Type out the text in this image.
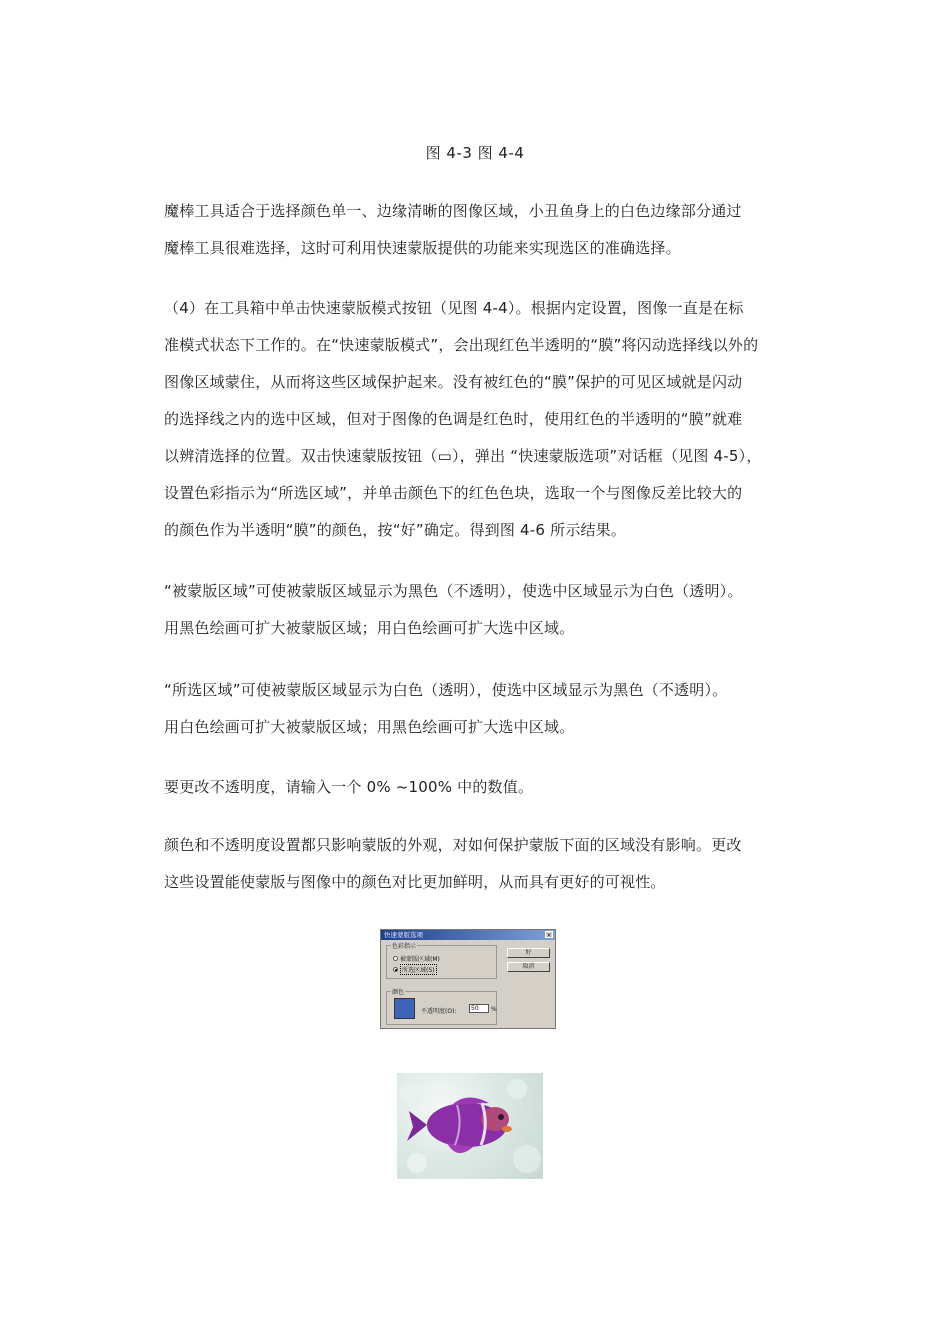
图 4-3 图 4-4

魔棒工具适合于选择颜色单一、边缘清晰的图像区域，小丑鱼身上的白色边缘部分通过

魔棒工具很难选择，这时可利用快速蒙版提供的功能来实现选区的准确选择。

（4）在工具箱中单击快速蒙版模式按钮（见图 4-4）。根据内定设置，图像一直是在标

准模式状态下工作的。在“快速蒙版模式”，会出现红色半透明的“膜”将闪动选择线以外的

图像区域蒙住，从而将这些区域保护起来。没有被红色的“膜”保护的可见区域就是闪动

的选择线之内的选中区域，但对于图像的色调是红色时，使用红色的半透明的“膜”就难

以辨清选择的位置。双击快速蒙版按钮（▭），弹出 “快速蒙版选项”对话框（见图 4-5），

设置色彩指示为“所选区域”，并单击颜色下的红色色块，选取一个与图像反差比较大的

的颜色作为半透明“膜”的颜色，按“好”确定。得到图 4-6 所示结果。

“被蒙版区域”可使被蒙版区域显示为黑色（不透明），使选中区域显示为白色（透明）。

用黑色绘画可扩大被蒙版区域；用白色绘画可扩大选中区域。

“所选区域”可使被蒙版区域显示为白色（透明），使选中区域显示为黑色（不透明）。

用白色绘画可扩大被蒙版区域；用黑色绘画可扩大选中区域。

要更改不透明度，请输入一个 0% ~100% 中的数值。

颜色和不透明度设置都只影响蒙版的外观，对如何保护蒙版下面的区域没有影响。更改

这些设置能使蒙版与图像中的颜色对比更加鲜明，从而具有更好的可视性。

快速蒙版选项	×
色彩指示
被蒙版区域(M)
所选区域(S)
好
取消
颜色
不透明度(O):	50	%
